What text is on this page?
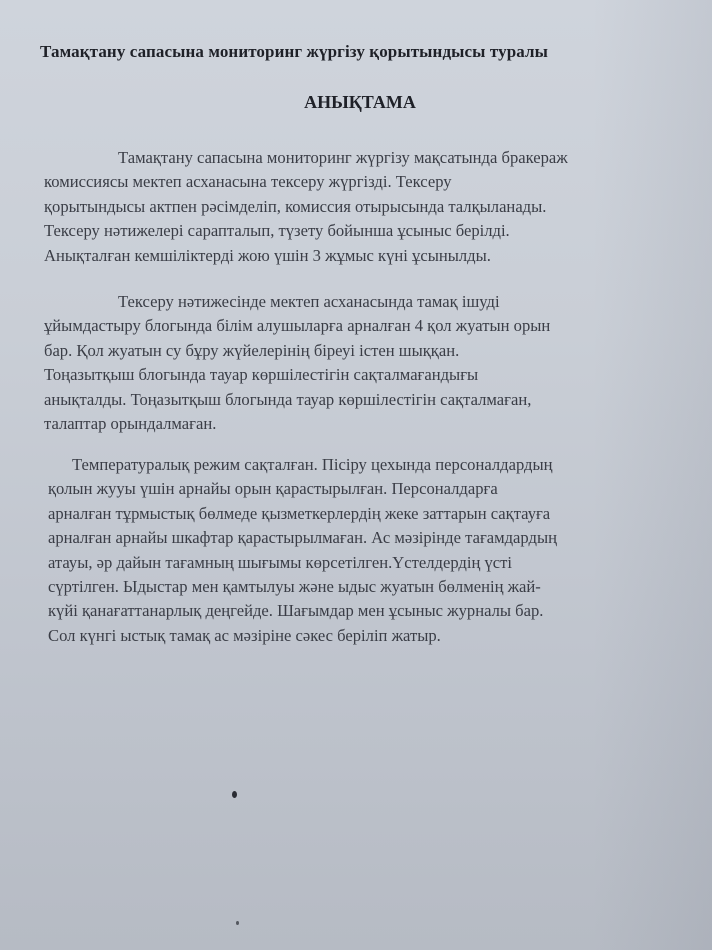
Тамақтану сапасына мониторинг жүргізу қорытындысы туралы
АНЫҚТАМА

Тамақтану сапасына мониторинг жүргізу мақсатында бракераж
комиссиясы мектеп асханасына тексеру жүргізді. Тексеру
қорытындысы актпен рәсімделіп, комиссия отырысында талқыланады.
Тексеру нәтижелері сарапталып, түзету бойынша ұсыныс берілді.
Анықталған кемшіліктерді жою үшін 3 жұмыс күні ұсынылды.

Тексеру нәтижесінде мектеп асханасында тамақ ішуді
ұйымдастыру блогында білім алушыларға арналған 4 қол жуатын орын
бар. Қол жуатын су бұру жүйелерінің біреуі істен шыққан.
Тоңазытқыш блогында тауар көршілестігін сақталмағандығы
анықталды. Тоңазытқыш блогында тауар көршілестігін сақталмаған,
талаптар орындалмаған.

Температуралық режим сақталған. Пісіру цехында персоналдардың
қолын жууы үшін арнайы орын қарастырылған. Персоналдарға
арналған тұрмыстық бөлмеде қызметкерлердің жеке заттарын сақтауға
арналған арнайы шкафтар қарастырылмаған. Ас мәзірінде тағамдардың
атауы, әр дайын тағамның шығымы көрсетілген.Үстелдердің үсті
сүртілген. Ыдыстар мен қамтылуы және ыдыс жуатын бөлменің жай-
күйі қанағаттанарлық деңгейде. Шағымдар мен ұсыныс журналы бар.
Сол күнгі ыстық тамақ ас мәзіріне сәкес беріліп жатыр.
